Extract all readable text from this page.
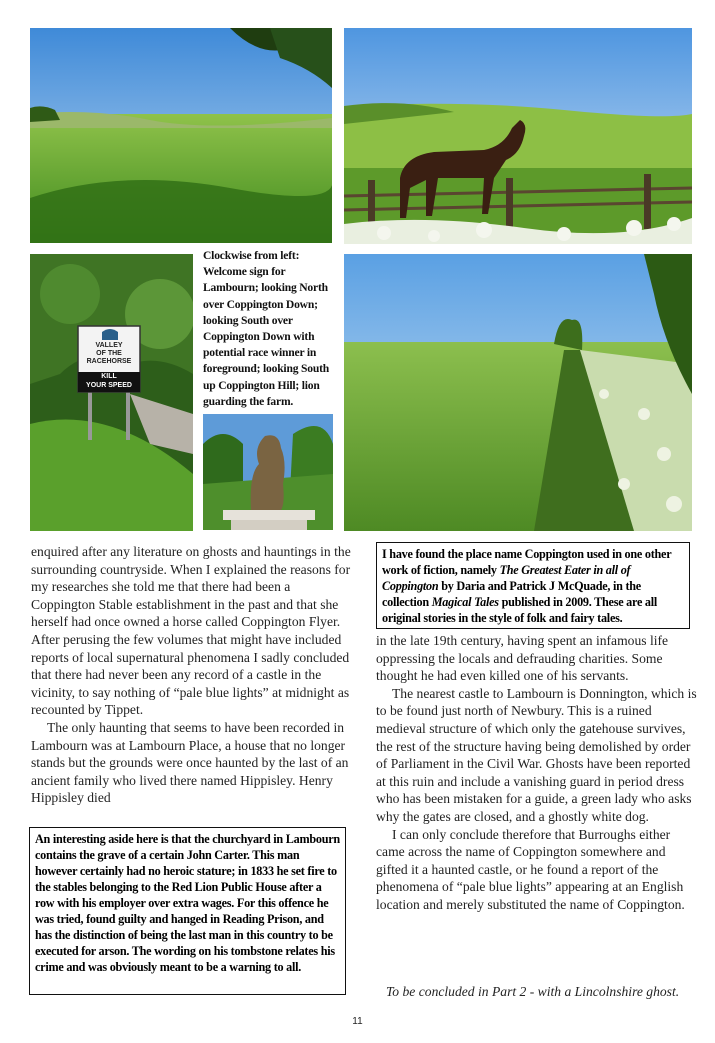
VALLEY
OF THE
RACEHORSE
KILL
YOUR SPEED
Clockwise from left: Welcome sign for Lambourn; looking North over Coppington Down; looking South over Coppington Down with potential race winner in foreground; looking South up Coppington Hill; lion guarding the farm.

enquired after any literature on ghosts and hauntings in the surrounding countryside. When I explained the reasons for my researches she told me that there had been a Coppington Stable establishment in the past and that she herself had once owned a horse called Coppington Flyer. After perusing the few volumes that might have included reports of local supernatural phenomena I sadly concluded that there had never been any record of a castle in the vicinity, to say nothing of “pale blue lights” at midnight as recounted by Tippet.

The only haunting that seems to have been recorded in Lambourn was at Lambourn Place, a house that no longer stands but the grounds were once haunted by the last of an ancient family who lived there named Hippisley. Henry Hippisley died

An interesting aside here is that the churchyard in Lambourn contains the grave of a certain John Carter. This man however certainly had no heroic stature; in 1833 he set fire to the stables belonging to the Red Lion Public House after a row with his employer over extra wages. For this offence he was tried, found guilty and hanged in Reading Prison, and has the distinction of being the last man in this country to be executed for arson. The wording on his tombstone relates his crime and was obviously meant to be a warning to all.
I have found the place name Coppington used in one other work of fiction, namely The Greatest Eater in all of Coppington by Daria and Patrick J McQuade, in the collection Magical Tales published in 2009. These are all original stories in the style of folk and fairy tales.

in the late 19th century, having spent an infamous life oppressing the locals and defrauding charities. Some thought he had even killed one of his servants.

The nearest castle to Lambourn is Donnington, which is to be found just north of Newbury. This is a ruined medieval structure of which only the gatehouse survives, the rest of the structure having being demolished by order of Parliament in the Civil War. Ghosts have been reported at this ruin and include a vanishing guard in period dress who has been mistaken for a guide, a green lady who asks why the gates are closed, and a ghostly white dog.

I can only conclude therefore that Burroughs either came across the name of Coppington somewhere and gifted it a haunted castle, or he found a report of the phenomena of “pale blue lights” appearing at an English location and merely substituted the name of Coppington.

To be concluded in Part 2 - with a Lincolnshire ghost.
11
